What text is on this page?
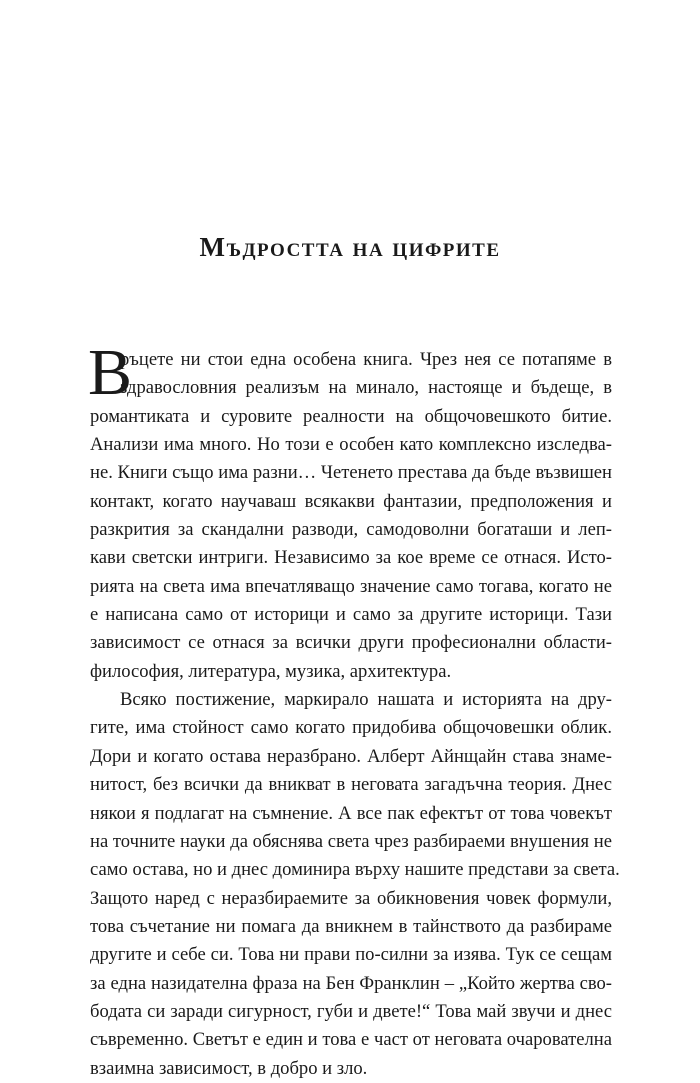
Мъдростта на цифрите
В
ръцете ни стои една особена книга. Чрез нея се потапяме в
здравословния реализъм на минало, настояще и бъдеще, в
романтиката и суровите реалности на общочовешкото битие.
Анализи има много. Но този е особен като комплексно изследва-
не. Книги също има разни… Четенето престава да бъде възвишен
контакт, когато научаваш всякакви фантазии, предположения и
разкрития за скандални разводи, самодоволни богаташи и леп-
кави светски интриги. Независимо за кое време се отнася. Исто-
рията на света има впечатляващо значение само тогава, когато не
е написана само от историци и само за другите историци. Тази
зависимост се отнася за всички други професионални области-
философия, литература, музика, архитектура.
Всяко постижение, маркирало нашата и историята на дру-
гите, има стойност само когато придобива общочовешки облик.
Дори и когато остава неразбрано. Алберт Айнщайн става знаме-
нитост, без всички да вникват в неговата загадъчна теория. Днес
някои я подлагат на съмнение. А все пак ефектът от това човекът
на точните науки да обяснява света чрез разбираеми внушения не
само остава, но и днес доминира върху нашите представи за света.
Защото наред с неразбираемите за обикновения човек формули,
това съчетание ни помага да вникнем в тайнството да разбираме
другите и себе си. Това ни прави по-силни за изява. Тук се сещам
за една назидателна фраза на Бен Франклин – „Който жертва сво-
бодата си заради сигурност, губи и двете!“ Това май звучи и днес
съвременно. Светът е един и това е част от неговата очарователна
взаимна зависимост, в добро и зло.
